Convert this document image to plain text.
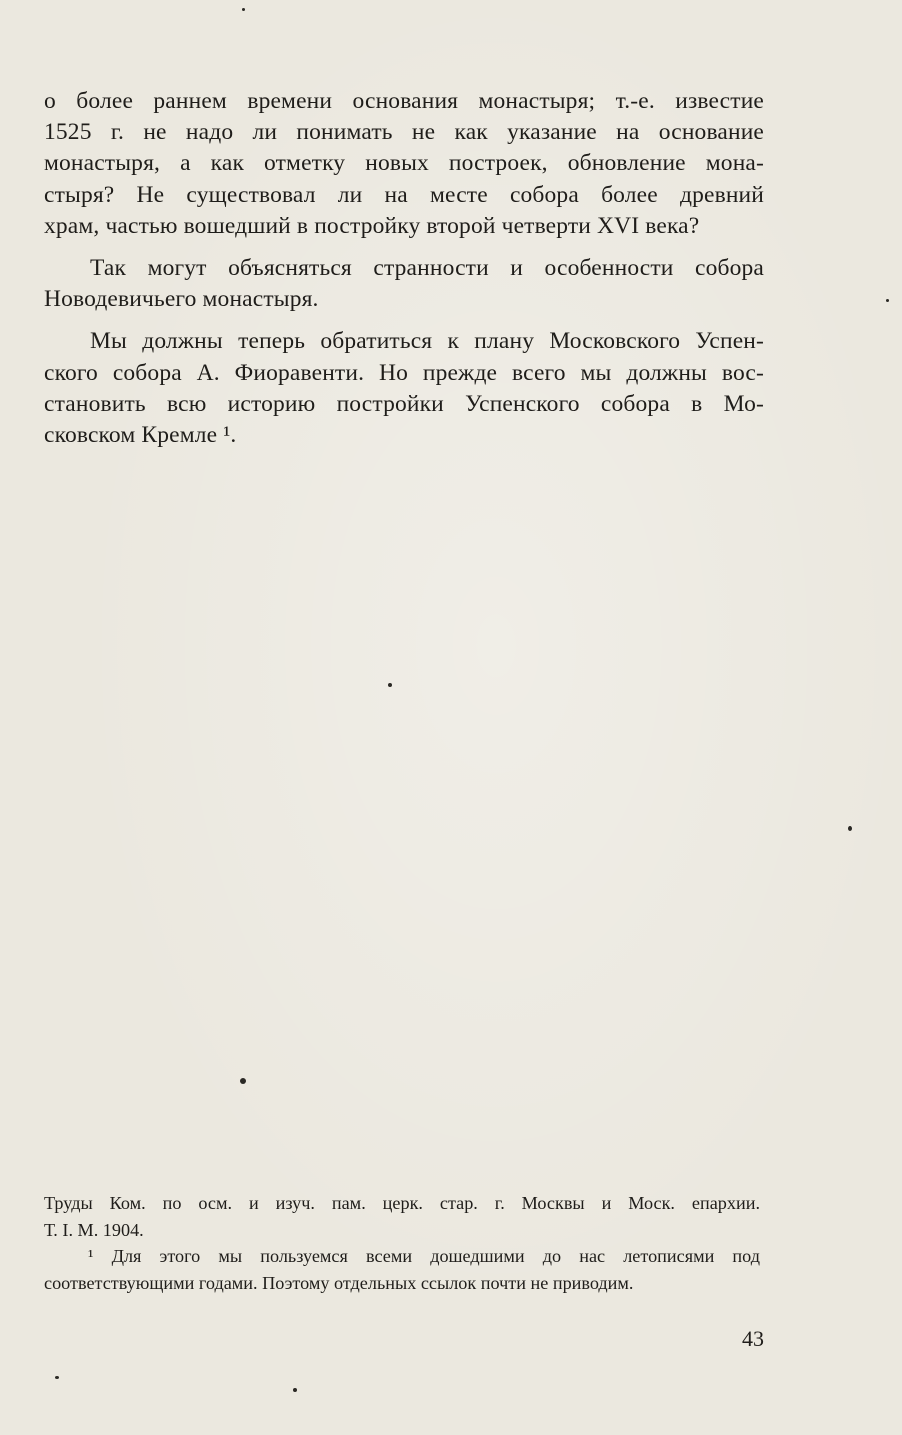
о более раннем времени основания монастыря; т.-е. известие
1525 г. не надо ли понимать не как указание на основание
монастыря, а как отметку новых построек, обновление мона-
стыря? Не существовал ли на месте собора более древний
храм, частью вошедший в постройку второй четверти XVI века?

Так могут объясняться странности и особенности собора
Новодевичьего монастыря.

Мы должны теперь обратиться к плану Московского Успен-
ского собора А. Фиоравенти. Но прежде всего мы должны вос-
становить всю историю постройки Успенского собора в Мо-
сковском Кремле ¹.

Труды Ком. по осм. и изуч. пам. церк. стар. г. Москвы и Моск. епархии.
Т. I. М. 1904.
¹ Для этого мы пользуемся всеми дошедшими до нас летописями под
соответствующими годами. Поэтому отдельных ссылок почти не приводим.
43
